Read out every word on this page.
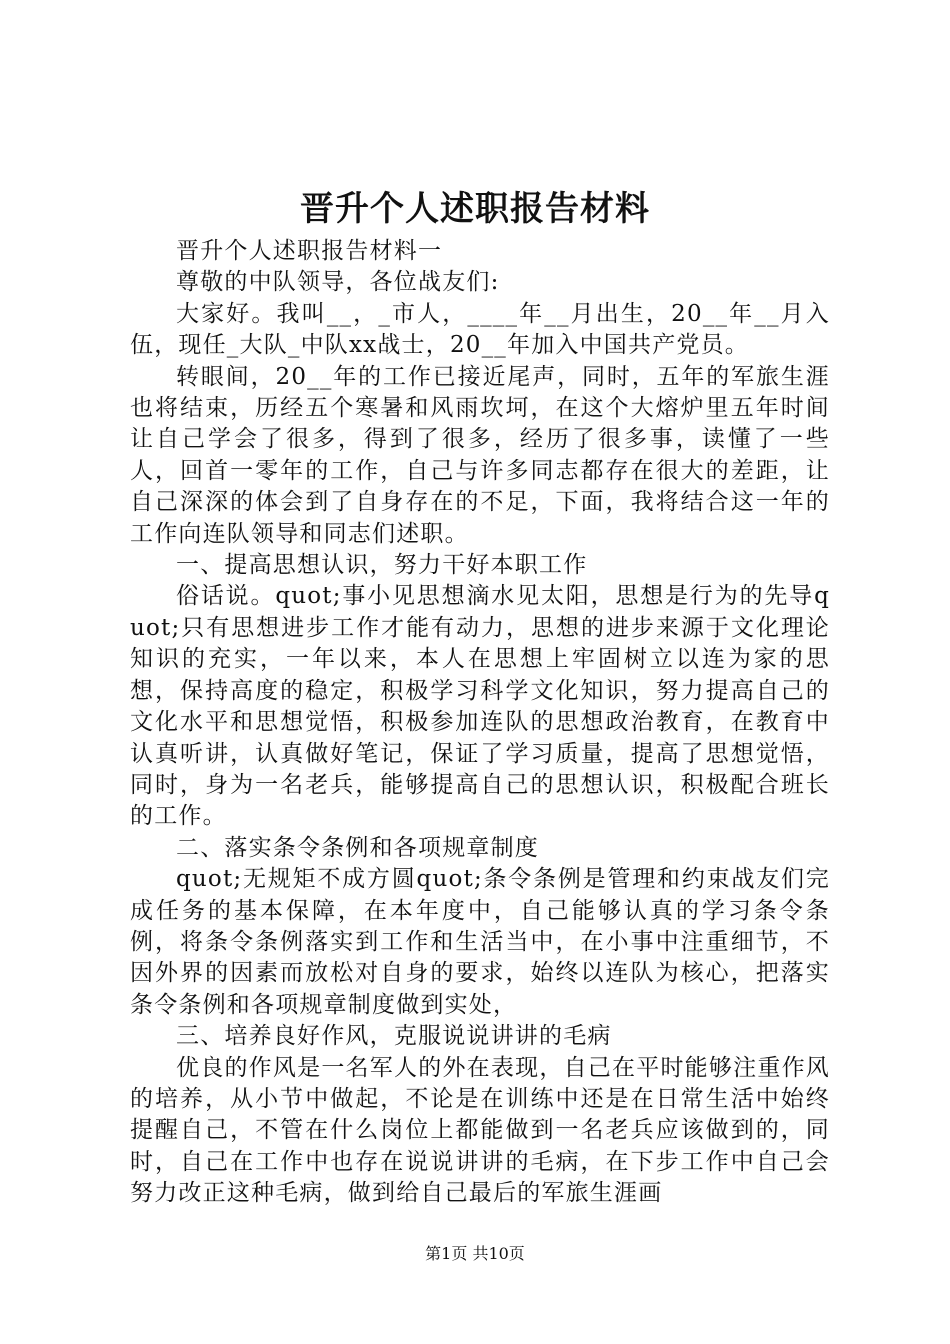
晋升个人述职报告材料

晋升个人述职报告材料一

尊敬的中队领导，各位战友们:

大家好。我叫__，_市人，____年__月出生，20__年__月入伍，现任_大队_中队xx战士，20__年加入中国共产党员。

转眼间，20__年的工作已接近尾声，同时，五年的军旅生涯也将结束，历经五个寒暑和风雨坎坷，在这个大熔炉里五年时间让自己学会了很多，得到了很多，经历了很多事，读懂了一些人，回首一零年的工作，自己与许多同志都存在很大的差距，让自己深深的体会到了自身存在的不足，下面，我将结合这一年的工作向连队领导和同志们述职。

一、提高思想认识，努力干好本职工作

俗话说。quot;事小见思想滴水见太阳，思想是行为的先导quot;只有思想进步工作才能有动力，思想的进步来源于文化理论知识的充实，一年以来，本人在思想上牢固树立以连为家的思想，保持高度的稳定，积极学习科学文化知识，努力提高自己的文化水平和思想觉悟，积极参加连队的思想政治教育，在教育中认真听讲，认真做好笔记，保证了学习质量，提高了思想觉悟，同时，身为一名老兵，能够提高自己的思想认识，积极配合班长的工作。

二、落实条令条例和各项规章制度

quot;无规矩不成方圆quot;条令条例是管理和约束战友们完成任务的基本保障，在本年度中，自己能够认真的学习条令条例，将条令条例落实到工作和生活当中，在小事中注重细节，不因外界的因素而放松对自身的要求，始终以连队为核心，把落实条令条例和各项规章制度做到实处，

三、培养良好作风，克服说说讲讲的毛病

优良的作风是一名军人的外在表现，自己在平时能够注重作风的培养，从小节中做起，不论是在训练中还是在日常生活中始终提醒自己，不管在什么岗位上都能做到一名老兵应该做到的，同时，自己在工作中也存在说说讲讲的毛病，在下步工作中自己会努力改正这种毛病，做到给自己最后的军旅生涯画

第1页 共10页
